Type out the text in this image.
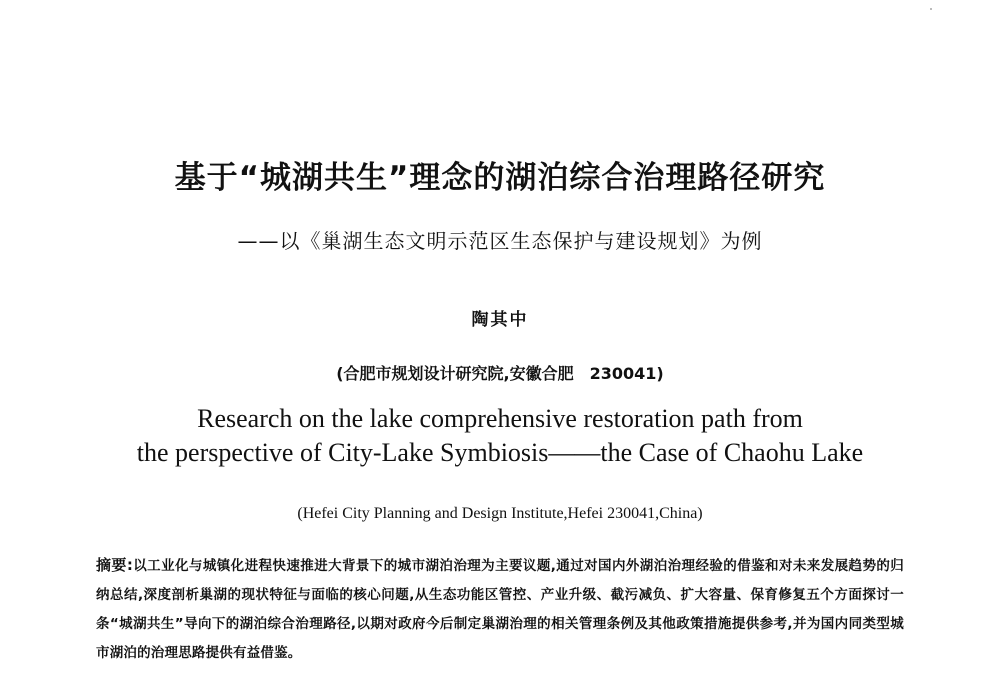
基于“城湖共生”理念的湖泊综合治理路径研究
——以《巢湖生态文明示范区生态保护与建设规划》为例
陶其中
(合肥市规划设计研究院,安徽合肥　230041)
Research on the lake comprehensive restoration path from
the perspective of City-Lake Symbiosis——the Case of Chaohu Lake
(Hefei City Planning and Design Institute,Hefei 230041,China)
摘要:以工业化与城镇化进程快速推进大背景下的城市湖泊治理为主要议题,通过对国内外湖泊治理经验的借鉴和对未来发展趋势的归纳总结,深度剖析巢湖的现状特征与面临的核心问题,从生态功能区管控、产业升级、截污减负、扩大容量、保育修复五个方面探讨一条“城湖共生”导向下的湖泊综合治理路径,以期对政府今后制定巢湖治理的相关管理条例及其他政策措施提供参考,并为国内同类型城市湖泊的治理思路提供有益借鉴。
